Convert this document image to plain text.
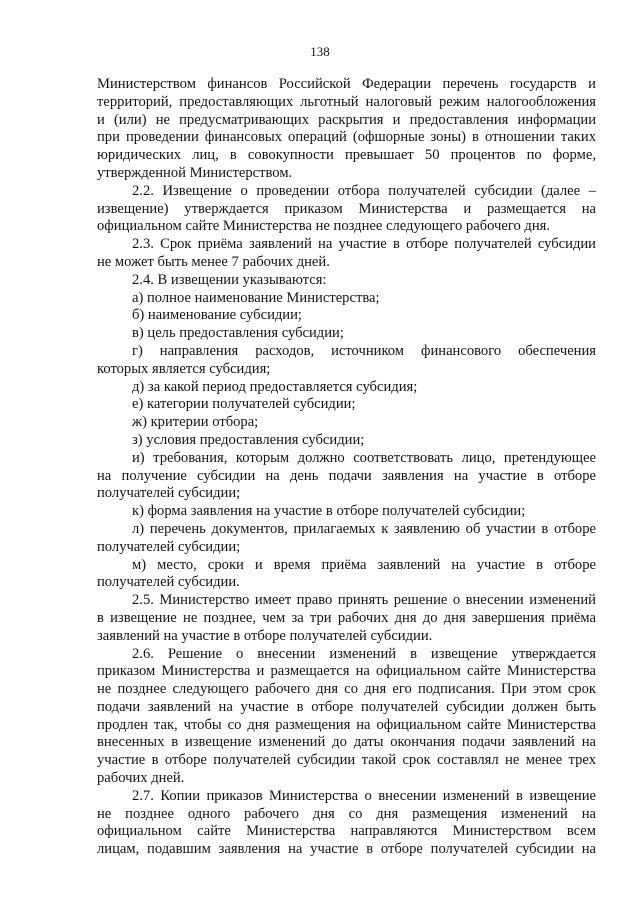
138
Министерством финансов Российской Федерации перечень государств и
территорий, предоставляющих льготный налоговый режим налогообложения
и (или) не предусматривающих раскрытия и предоставления информации
при проведении финансовых операций (офшорные зоны) в отношении таких
юридических лиц, в совокупности превышает 50 процентов по форме,
утвержденной Министерством.
2.2. Извещение о проведении отбора получателей субсидии (далее –
извещение) утверждается приказом Министерства и размещается на
официальном сайте Министерства не позднее следующего рабочего дня.
2.3. Срок приёма заявлений на участие в отборе получателей субсидии
не может быть менее 7 рабочих дней.
2.4. В извещении указываются:
а) полное наименование Министерства;
б) наименование субсидии;
в) цель предоставления субсидии;
г) направления расходов, источником финансового обеспечения
которых является субсидия;
д) за какой период предоставляется субсидия;
е) категории получателей субсидии;
ж) критерии отбора;
з) условия предоставления субсидии;
и) требования, которым должно соответствовать лицо, претендующее
на получение субсидии на день подачи заявления на участие в отборе
получателей субсидии;
к) форма заявления на участие в отборе получателей субсидии;
л) перечень документов, прилагаемых к заявлению об участии в отборе
получателей субсидии;
м) место, сроки и время приёма заявлений на участие в отборе
получателей субсидии.
2.5. Министерство имеет право принять решение о внесении изменений
в извещение не позднее, чем за три рабочих дня до дня завершения приёма
заявлений на участие в отборе получателей субсидии.
2.6. Решение о внесении изменений в извещение утверждается
приказом Министерства и размещается на официальном сайте Министерства
не позднее следующего рабочего дня со дня его подписания. При этом срок
подачи заявлений на участие в отборе получателей субсидии должен быть
продлен так, чтобы со дня размещения на официальном сайте Министерства
внесенных в извещение изменений до даты окончания подачи заявлений на
участие в отборе получателей субсидии такой срок составлял не менее трех
рабочих дней.
2.7. Копии приказов Министерства о внесении изменений в извещение
не позднее одного рабочего дня со дня размещения изменений на
официальном сайте Министерства направляются Министерством всем
лицам, подавшим заявления на участие в отборе получателей субсидии на
